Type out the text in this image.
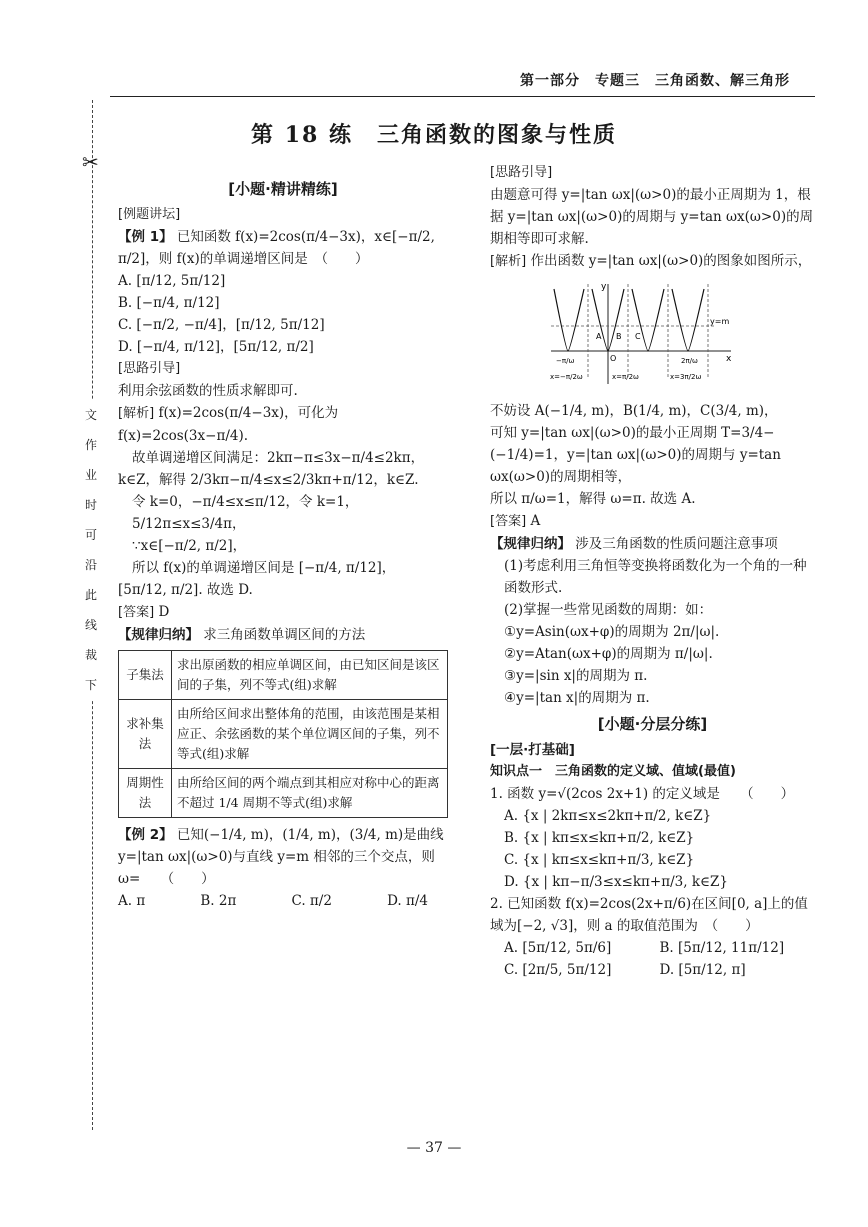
第一部分　专题三　三角函数、解三角形
第 18 练　三角函数的图象与性质
✂
文
作
业
时
可
沿
此
线
裁
下
[小题·精讲精练]
[例题讲坛]

【例 1】 已知函数 f(x)=2cos(π/4−3x)，x∈[−π/2, π/2]，则 f(x)的单调递增区间是　（　　）

A. [π/12, 5π/12]

B. [−π/4, π/12]

C. [−π/2, −π/4]，[π/12, 5π/12]

D. [−π/4, π/12]，[5π/12, π/2]

[思路引导]

利用余弦函数的性质求解即可.

[解析] f(x)=2cos(π/4−3x)，可化为 f(x)=2cos(3x−π/4).

故单调递增区间满足：2kπ−π≤3x−π/4≤2kπ，

k∈Z，解得 2/3kπ−π/4≤x≤2/3kπ+π/12，k∈Z.

令 k=0，−π/4≤x≤π/12，令 k=1，5/12π≤x≤3/4π，

∵x∈[−π/2, π/2]，

所以 f(x)的单调递增区间是 [−π/4, π/12]，

[5π/12, π/2]. 故选 D.

[答案] D

【规律归纳】 求三角函数单调区间的方法

子集法	求出原函数的相应单调区间，由已知区间是该区间的子集，列不等式(组)求解
求补集法	由所给区间求出整体角的范围，由该范围是某相应正、余弦函数的某个单位调区间的子集，列不等式(组)求解
周期性法	由所给区间的两个端点到其相应对称中心的距离不超过 1/4 周期不等式(组)求解

【例 2】 已知(−1/4, m)，(1/4, m)，(3/4, m)是曲线 y=|tan ωx|(ω>0)与直线 y=m 相邻的三个交点，则 ω=　　（　　）

A. π	B. 2π	C. π/2	D. π/4

[思路引导]

由题意可得 y=|tan ωx|(ω>0)的最小正周期为 1，根据 y=|tan ωx|(ω>0)的周期与 y=tan ωx(ω>0)的周期相等即可求解.

[解析] 作出函数 y=|tan ωx|(ω>0)的图象如图所示，

y
x
y=m
A B C
O
−π/ω	2π/ω
x=−π/2ω	x=π/2ω	x=3π/2ω

不妨设 A(−1/4, m)，B(1/4, m)，C(3/4, m)，

可知 y=|tan ωx|(ω>0)的最小正周期 T=3/4−(−1/4)=1，y=|tan ωx|(ω>0)的周期与 y=tan ωx(ω>0)的周期相等，

所以 π/ω=1，解得 ω=π. 故选 A.

[答案] A

【规律归纳】 涉及三角函数的性质问题注意事项

(1)考虑利用三角恒等变换将函数化为一个角的一种函数形式.

(2)掌握一些常见函数的周期：如：

①y=Asin(ωx+φ)的周期为 2π/|ω|.

②y=Atan(ωx+φ)的周期为 π/|ω|.

③y=|sin x|的周期为 π.

④y=|tan x|的周期为 π.

[小题·分层分练]
[一层·打基础]
知识点一　三角函数的定义域、值域(最值)

1. 函数 y=√(2cos 2x+1) 的定义域是　　（　　）

A. {x | 2kπ≤x≤2kπ+π/2, k∈Z}

B. {x | kπ≤x≤kπ+π/2, k∈Z}

C. {x | kπ≤x≤kπ+π/3, k∈Z}

D. {x | kπ−π/3≤x≤kπ+π/3, k∈Z}

2. 已知函数 f(x)=2cos(2x+π/6)在区间[0, a]上的值域为[−2, √3]，则 a 的取值范围为　（　　）

A. [5π/12, 5π/6]	B. [5π/12, 11π/12]
C. [2π/5, 5π/12]	D. [5π/12, π]
— 37 —
